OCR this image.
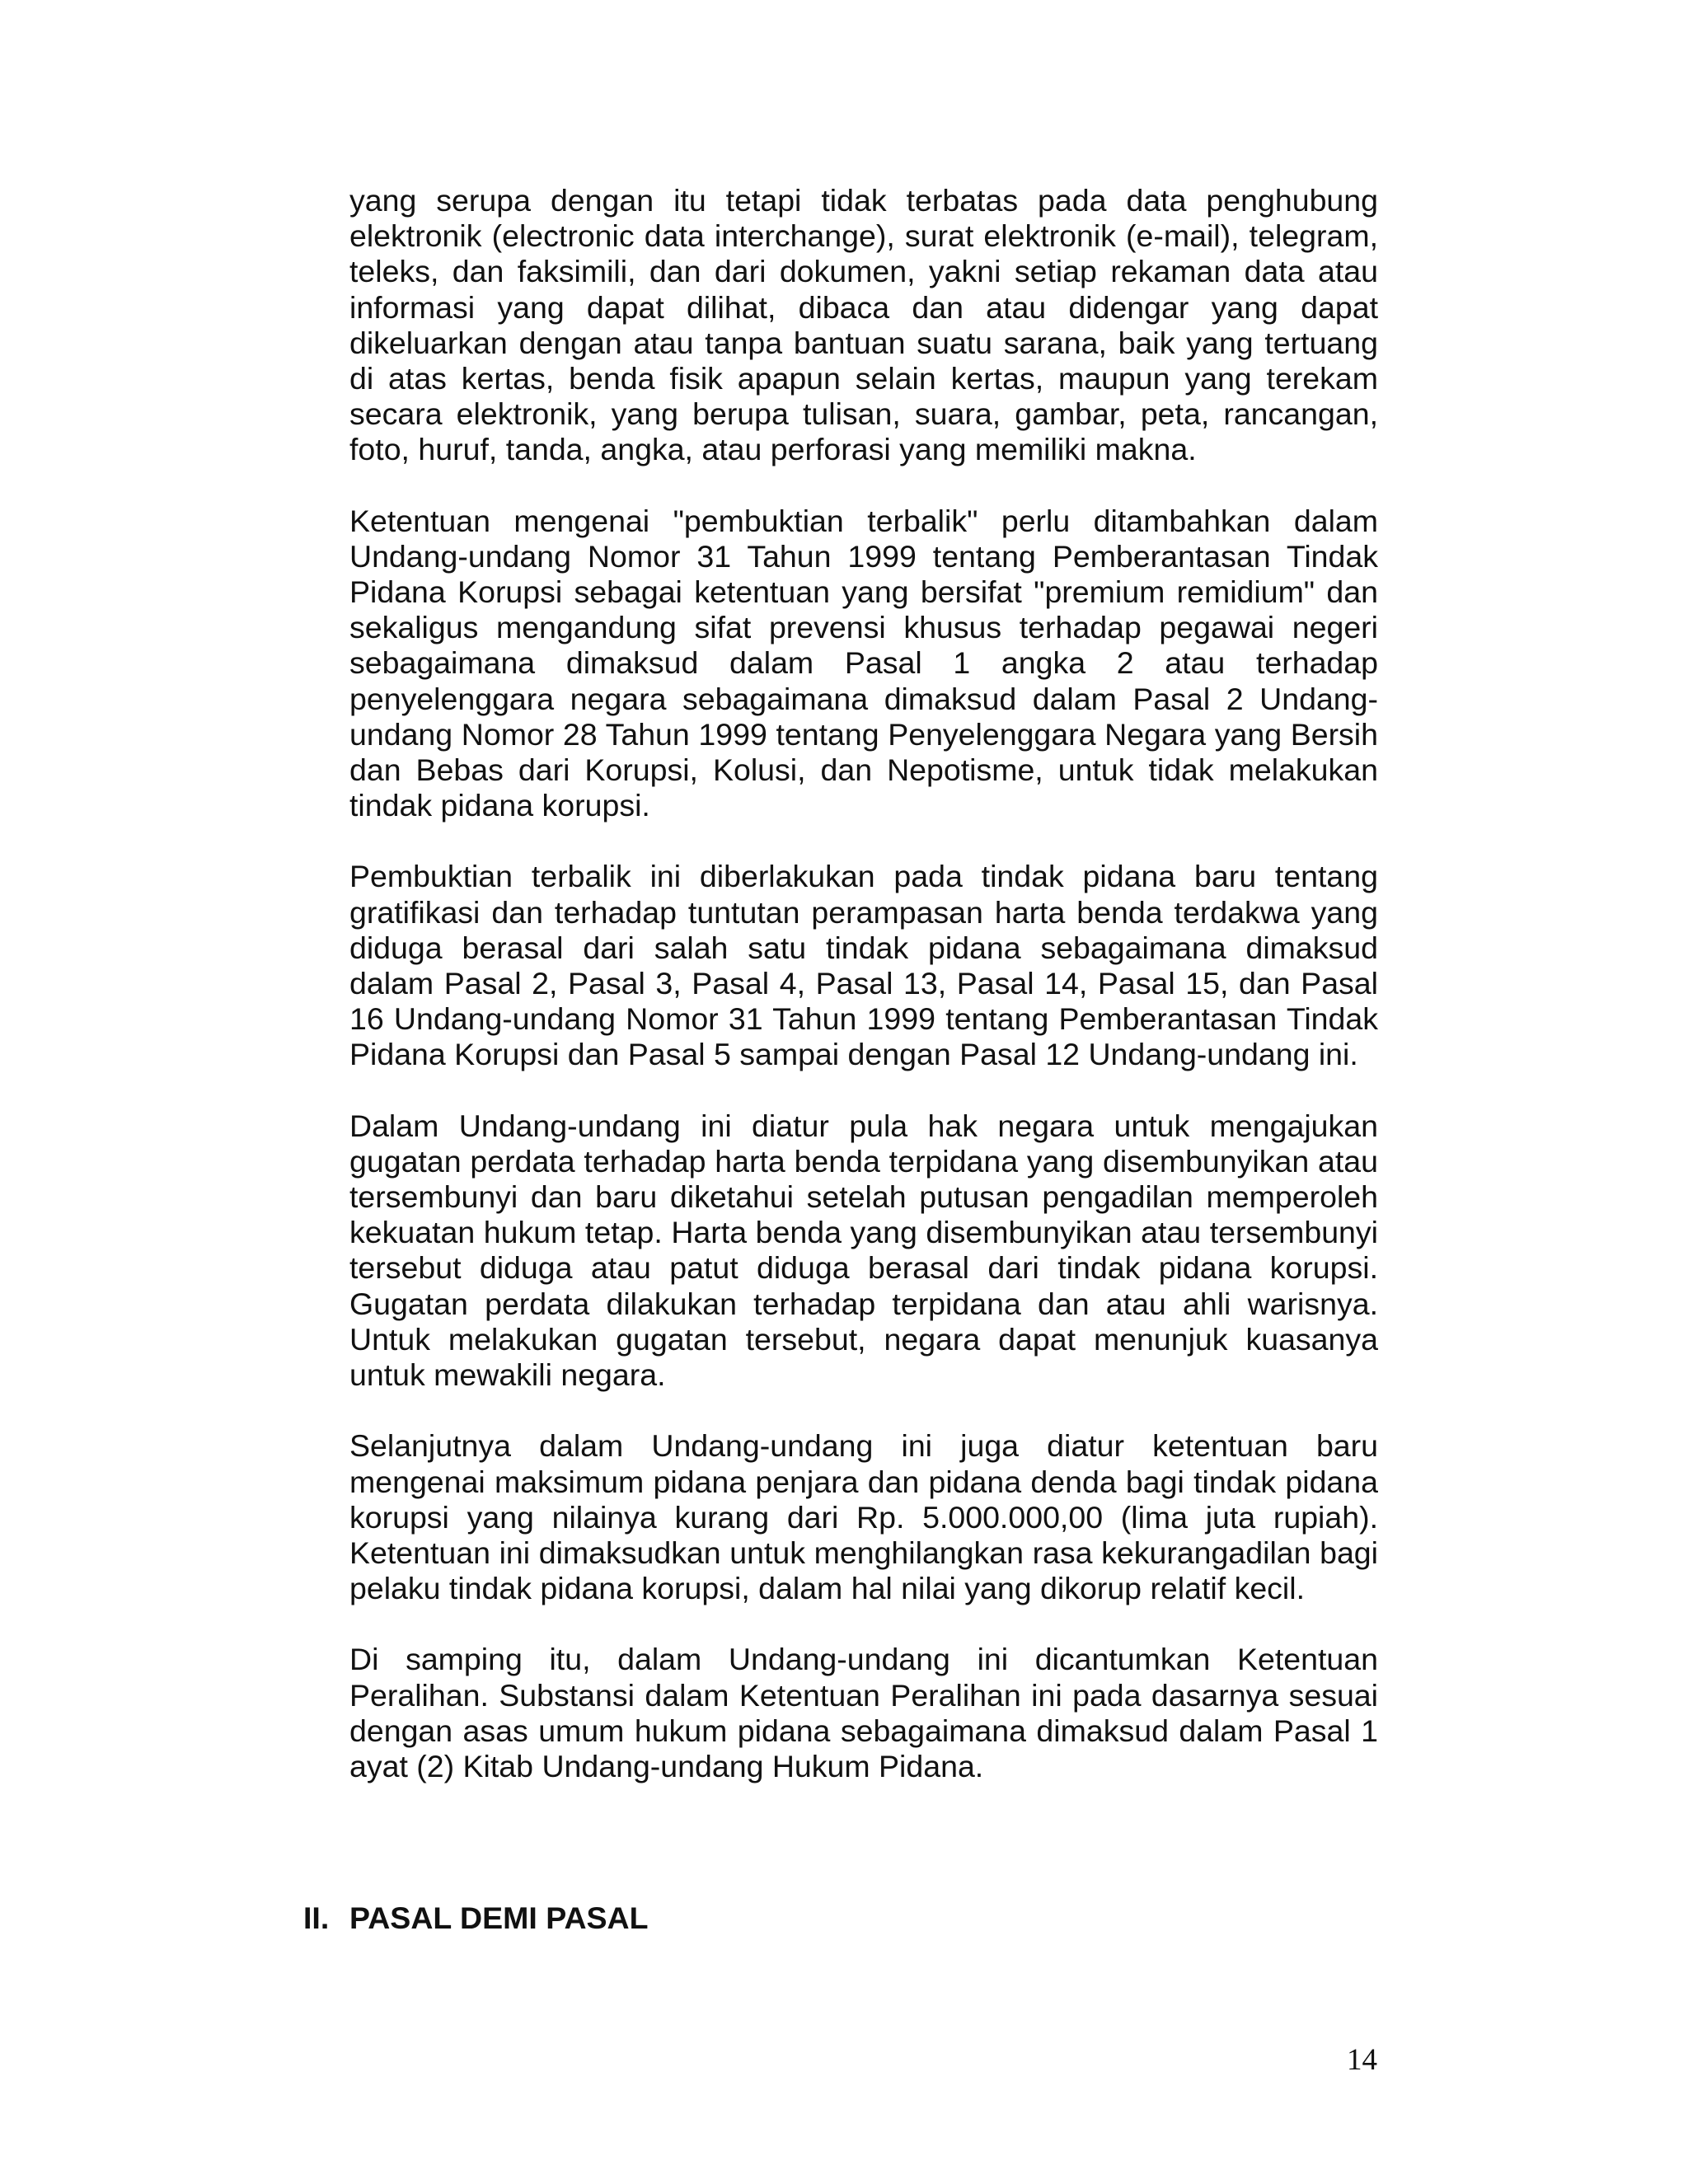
yang serupa dengan itu tetapi tidak terbatas pada data penghubung elektronik (electronic data interchange), surat elektronik (e-mail), telegram, teleks, dan faksimili, dan dari dokumen, yakni setiap rekaman data atau informasi yang dapat dilihat, dibaca dan atau didengar yang dapat dikeluarkan dengan atau tanpa bantuan suatu sarana, baik yang tertuang di atas kertas, benda fisik apapun selain kertas, maupun yang terekam secara elektronik, yang berupa tulisan, suara, gambar, peta, rancangan, foto, huruf, tanda, angka, atau perforasi yang memiliki makna.

Ketentuan mengenai "pembuktian terbalik" perlu ditambahkan dalam Undang-undang Nomor 31 Tahun 1999 tentang Pemberantasan Tindak Pidana Korupsi sebagai ketentuan yang bersifat "premium remidium" dan sekaligus mengandung sifat prevensi khusus terhadap pegawai negeri sebagaimana dimaksud dalam Pasal 1 angka 2 atau terhadap penyelenggara negara sebagaimana dimaksud dalam Pasal 2 Undang-undang Nomor 28 Tahun 1999 tentang Penyelenggara Negara yang Bersih dan Bebas dari Korupsi, Kolusi, dan Nepotisme, untuk tidak melakukan tindak pidana korupsi.

Pembuktian terbalik ini diberlakukan pada tindak pidana baru tentang gratifikasi dan terhadap tuntutan perampasan harta benda terdakwa yang diduga berasal dari salah satu tindak pidana sebagaimana dimaksud dalam Pasal 2, Pasal 3, Pasal 4, Pasal 13, Pasal 14, Pasal 15, dan Pasal 16 Undang-undang Nomor 31 Tahun 1999 tentang Pemberantasan Tindak Pidana Korupsi dan Pasal 5 sampai dengan Pasal 12 Undang-undang ini.

Dalam Undang-undang ini diatur pula hak negara untuk mengajukan gugatan perdata terhadap harta benda terpidana yang disembunyikan atau tersembunyi dan baru diketahui setelah putusan pengadilan memperoleh kekuatan hukum tetap. Harta benda yang disembunyikan atau tersembunyi tersebut diduga atau patut diduga berasal dari tindak pidana korupsi. Gugatan perdata dilakukan terhadap terpidana dan atau ahli warisnya. Untuk melakukan gugatan tersebut, negara dapat menunjuk kuasanya untuk mewakili negara.

Selanjutnya dalam Undang-undang ini juga diatur ketentuan baru mengenai maksimum pidana penjara dan pidana denda bagi tindak pidana korupsi yang nilainya kurang dari Rp. 5.000.000,00 (lima juta rupiah). Ketentuan ini dimaksudkan untuk menghilangkan rasa kekurangadilan bagi pelaku tindak pidana korupsi, dalam hal nilai yang dikorup relatif kecil.

Di samping itu, dalam Undang-undang ini dicantumkan Ketentuan Peralihan. Substansi dalam Ketentuan Peralihan ini pada dasarnya sesuai dengan asas umum hukum pidana sebagaimana dimaksud dalam Pasal 1 ayat (2) Kitab Undang-undang Hukum Pidana.

II. PASAL DEMI PASAL
14
